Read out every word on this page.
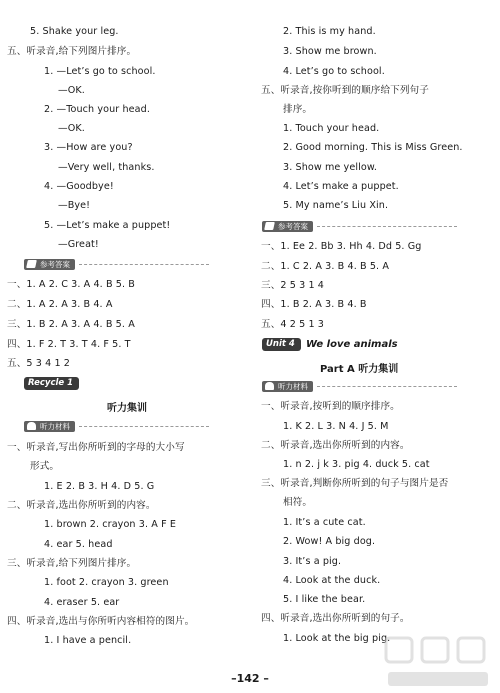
5. Shake your leg.
五、听录音,给下列图片排序。
1. —Let’s go to school.
—OK.
2. —Touch your head.
—OK.
3. —How are you?
—Very well, thanks.
4. —Goodbye!
—Bye!
5. —Let’s make a puppet!
—Great!
一、1. A 2. C 3. A 4. B 5. B
二、1. A 2. A 3. B 4. A
三、1. B 2. A 3. A 4. B 5. A
四、1. F 2. T 3. T 4. F 5. T
五、5 3 4 1 2
一、听录音,写出你所听到的字母的大小写
形式。
1. E 2. B 3. H 4. D 5. G
二、听录音,选出你所听到的内容。
1. brown 2. crayon 3. A F E
4. ear 5. head
三、听录音,给下列图片排序。
1. foot 2. crayon 3. green
4. eraser 5. ear
四、听录音,选出与你所听内容相符的图片。
1. I have a pencil.
2. This is my hand.
3. Show me brown.
4. Let’s go to school.
五、听录音,按你听到的顺序给下列句子
排序。
1. Touch your head.
2. Good morning. This is Miss Green.
3. Show me yellow.
4. Let’s make a puppet.
5. My name’s Liu Xin.
一、1. Ee 2. Bb 3. Hh 4. Dd 5. Gg
二、1. C 2. A 3. B 4. B 5. A
三、2 5 3 1 4
四、1. B 2. A 3. B 4. B
五、4 2 5 1 3
一、听录音,按听到的顺序排序。
1. K 2. L 3. N 4. J 5. M
二、听录音,选出你所听到的内容。
1. n 2. j k 3. pig 4. duck 5. cat
三、听录音,判断你所听到的句子与图片是否
相符。
1. It’s a cute cat.
2. Wow! A big dog.
3. It’s a pig.
4. Look at the duck.
5. I like the bear.
四、听录音,选出你所听到的句子。
1. Look at the big pig.
参考答案
Recycle 1
听力集训
听力材料
参考答案
Unit 4	We love animals
Part A 听力集训
听力材料
–142 –
